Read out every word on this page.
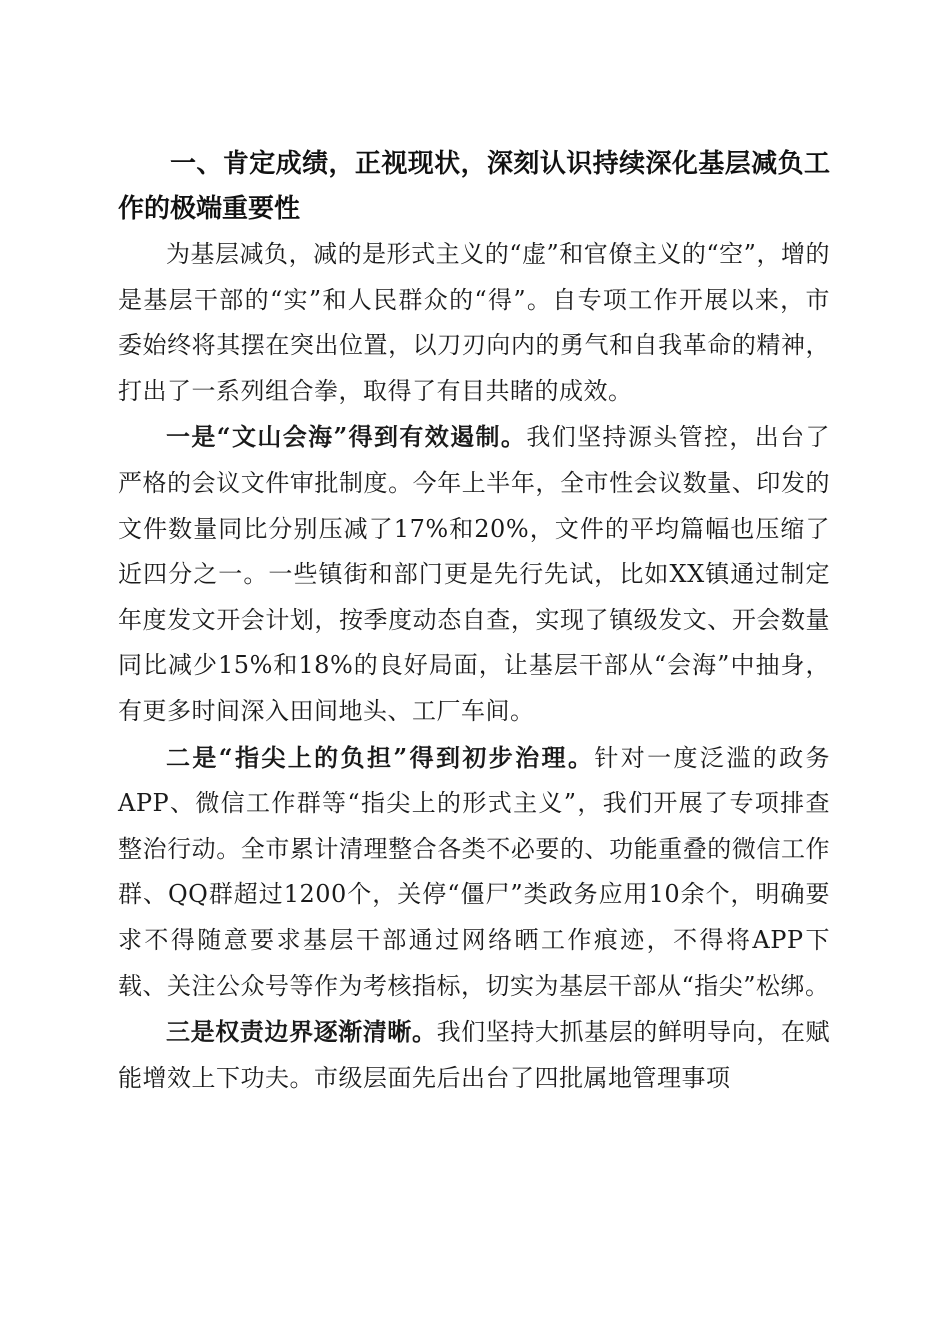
一、肯定成绩，正视现状，深刻认识持续深化基层减负工作的极端重要性

为基层减负，减的是形式主义的“虚”和官僚主义的“空”，增的是基层干部的“实”和人民群众的“得”。自专项工作开展以来，市委始终将其摆在突出位置，以刀刃向内的勇气和自我革命的精神，打出了一系列组合拳，取得了有目共睹的成效。

一是“文山会海”得到有效遏制。我们坚持源头管控，出台了严格的会议文件审批制度。今年上半年，全市性会议数量、印发的文件数量同比分别压减了17%和20%，文件的平均篇幅也压缩了近四分之一。一些镇街和部门更是先行先试，比如XX镇通过制定年度发文开会计划，按季度动态自查，实现了镇级发文、开会数量同比减少15%和18%的良好局面，让基层干部从“会海”中抽身，有更多时间深入田间地头、工厂车间。

二是“指尖上的负担”得到初步治理。针对一度泛滥的政务APP、微信工作群等“指尖上的形式主义”，我们开展了专项排查整治行动。全市累计清理整合各类不必要的、功能重叠的微信工作群、QQ群超过1200个，关停“僵尸”类政务应用10余个，明确要求不得随意要求基层干部通过网络晒工作痕迹，不得将APP下载、关注公众号等作为考核指标，切实为基层干部从“指尖”松绑。

三是权责边界逐渐清晰。我们坚持大抓基层的鲜明导向，在赋能增效上下功夫。市级层面先后出台了四批属地管理事项
